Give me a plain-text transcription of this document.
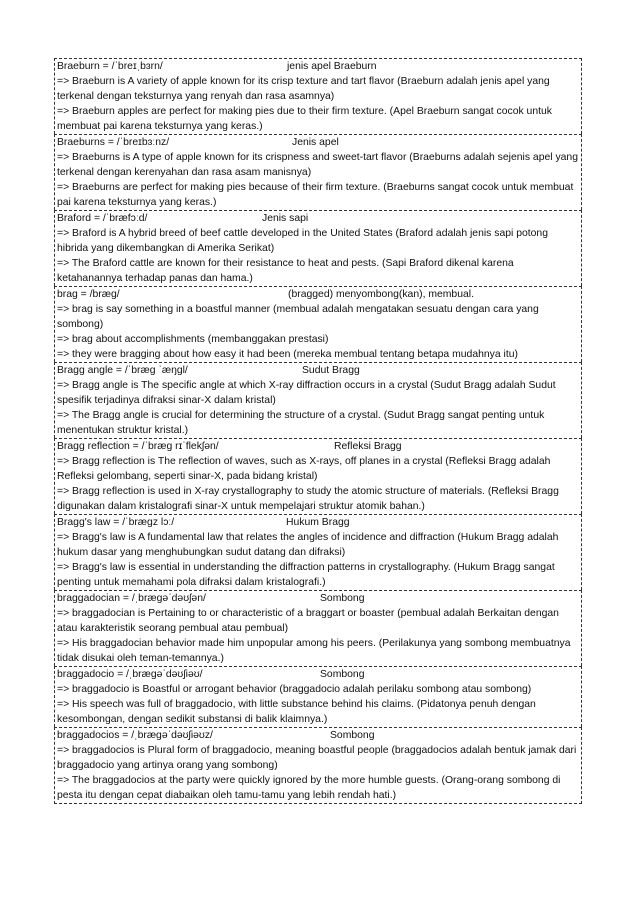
Braeburn = /ˈbreɪˌbɜrn/	jenis apel Braeburn
=> Braeburn is A variety of apple known for its crisp texture and tart flavor (Braeburn adalah jenis apel yang terkenal dengan teksturnya yang renyah dan rasa asamnya)
=> Braeburn apples are perfect for making pies due to their firm texture. (Apel Braeburn sangat cocok untuk membuat pai karena teksturnya yang keras.)
Braeburns = /ˈbreɪbɜːnz/	Jenis apel
=> Braeburns is A type of apple known for its crispness and sweet-tart flavor (Braeburns adalah sejenis apel yang terkenal dengan kerenyahan dan rasa asam manisnya)
=> Braeburns are perfect for making pies because of their firm texture. (Braeburns sangat cocok untuk membuat pai karena teksturnya yang keras.)
Braford = /ˈbræfɔːd/	Jenis sapi
=> Braford is A hybrid breed of beef cattle developed in the United States (Braford adalah jenis sapi potong hibrida yang dikembangkan di Amerika Serikat)
=> The Braford cattle are known for their resistance to heat and pests. (Sapi Braford dikenal karena ketahanannya terhadap panas dan hama.)
brag = /bræg/	(bragged) menyombong(kan), membual.
=> brag is say something in a boastful manner (membual adalah mengatakan sesuatu dengan cara yang sombong)
=> brag about accomplishments (membanggakan prestasi)
=> they were bragging about how easy it had been (mereka membual tentang betapa mudahnya itu)
Bragg angle = /ˈbræg ˈæŋgl/	Sudut Bragg
=> Bragg angle is The specific angle at which X-ray diffraction occurs in a crystal (Sudut Bragg adalah Sudut spesifik terjadinya difraksi sinar-X dalam kristal)
=> The Bragg angle is crucial for determining the structure of a crystal. (Sudut Bragg sangat penting untuk menentukan struktur kristal.)
Bragg reflection = /ˈbræg rɪˈflekʃən/	Refleksi Bragg
=> Bragg reflection is The reflection of waves, such as X-rays, off planes in a crystal (Refleksi Bragg adalah Refleksi gelombang, seperti sinar-X, pada bidang kristal)
=> Bragg reflection is used in X-ray crystallography to study the atomic structure of materials. (Refleksi Bragg digunakan dalam kristalografi sinar-X untuk mempelajari struktur atomik bahan.)
Bragg's law = /ˈbrægz lɔː/	Hukum Bragg
=> Bragg's law is A fundamental law that relates the angles of incidence and diffraction (Hukum Bragg adalah hukum dasar yang menghubungkan sudut datang dan difraksi)
=> Bragg's law is essential in understanding the diffraction patterns in crystallography. (Hukum Bragg sangat penting untuk memahami pola difraksi dalam kristalografi.)
braggadocian = /ˌbrægəˈdəʊʃən/	Sombong
=> braggadocian is Pertaining to or characteristic of a braggart or boaster (pembual adalah Berkaitan dengan atau karakteristik seorang pembual atau pembual)
=> His braggadocian behavior made him unpopular among his peers. (Perilakunya yang sombong membuatnya tidak disukai oleh teman-temannya.)
braggadocio = /ˌbrægəˈdəʊʃiəʊ/	Sombong
=> braggadocio is Boastful or arrogant behavior (braggadocio adalah perilaku sombong atau sombong)
=> His speech was full of braggadocio, with little substance behind his claims. (Pidatonya penuh dengan kesombongan, dengan sedikit substansi di balik klaimnya.)
braggadocios = /ˌbrægəˈdəʊʃiəʊz/	Sombong
=> braggadocios is Plural form of braggadocio, meaning boastful people (braggadocios adalah bentuk jamak dari braggadocio yang artinya orang yang sombong)
=> The braggadocios at the party were quickly ignored by the more humble guests. (Orang-orang sombong di pesta itu dengan cepat diabaikan oleh tamu-tamu yang lebih rendah hati.)
